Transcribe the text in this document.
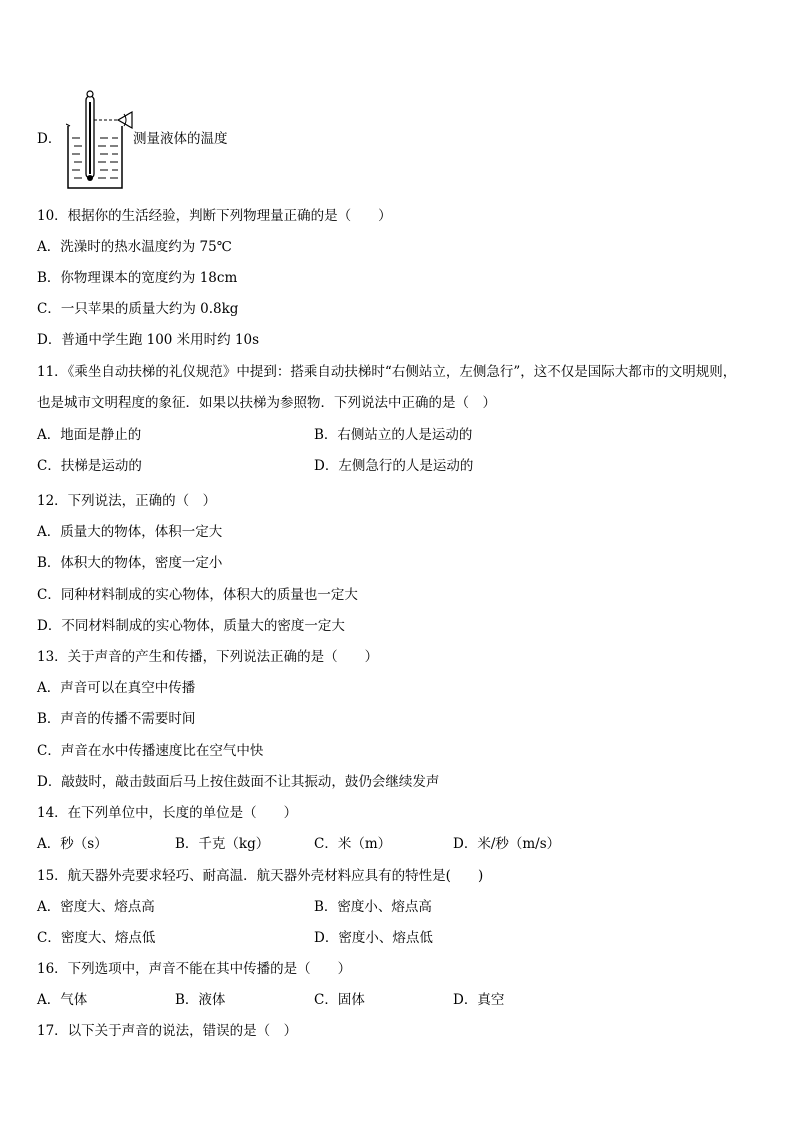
D．	测量液体的温度
10．根据你的生活经验，判断下列物理量正确的是（　　）
A．洗澡时的热水温度约为 75℃
B．你物理课本的宽度约为 18cm
C．一只苹果的质量大约为 0.8kg
D．普通中学生跑 100 米用时约 10s
11．《乘坐自动扶梯的礼仪规范》中提到：搭乘自动扶梯时“右侧站立，左侧急行”，这不仅是国际大都市的文明规则，
也是城市文明程度的象征．如果以扶梯为参照物．下列说法中正确的是（　）
A．地面是静止的	B．右侧站立的人是运动的
C．扶梯是运动的	D．左侧急行的人是运动的
12．下列说法，正确的（　）
A．质量大的物体，体积一定大
B．体积大的物体，密度一定小
C．同种材料制成的实心物体，体积大的质量也一定大
D．不同材料制成的实心物体，质量大的密度一定大
13．关于声音的产生和传播，下列说法正确的是（　　）
A．声音可以在真空中传播
B．声音的传播不需要时间
C．声音在水中传播速度比在空气中快
D．敲鼓时，敲击鼓面后马上按住鼓面不让其振动，鼓仍会继续发声
14．在下列单位中，长度的单位是（　　）
A．秒（s）	B．千克（kg）	C．米（m）	D．米/秒（m/s）
15．航天器外壳要求轻巧、耐高温．航天器外壳材料应具有的特性是(　　)
A．密度大、熔点高	B．密度小、熔点高
C．密度大、熔点低	D．密度小、熔点低
16．下列选项中，声音不能在其中传播的是（　　）
A．气体	B．液体	C．固体	D．真空
17．以下关于声音的说法，错误的是（　）
